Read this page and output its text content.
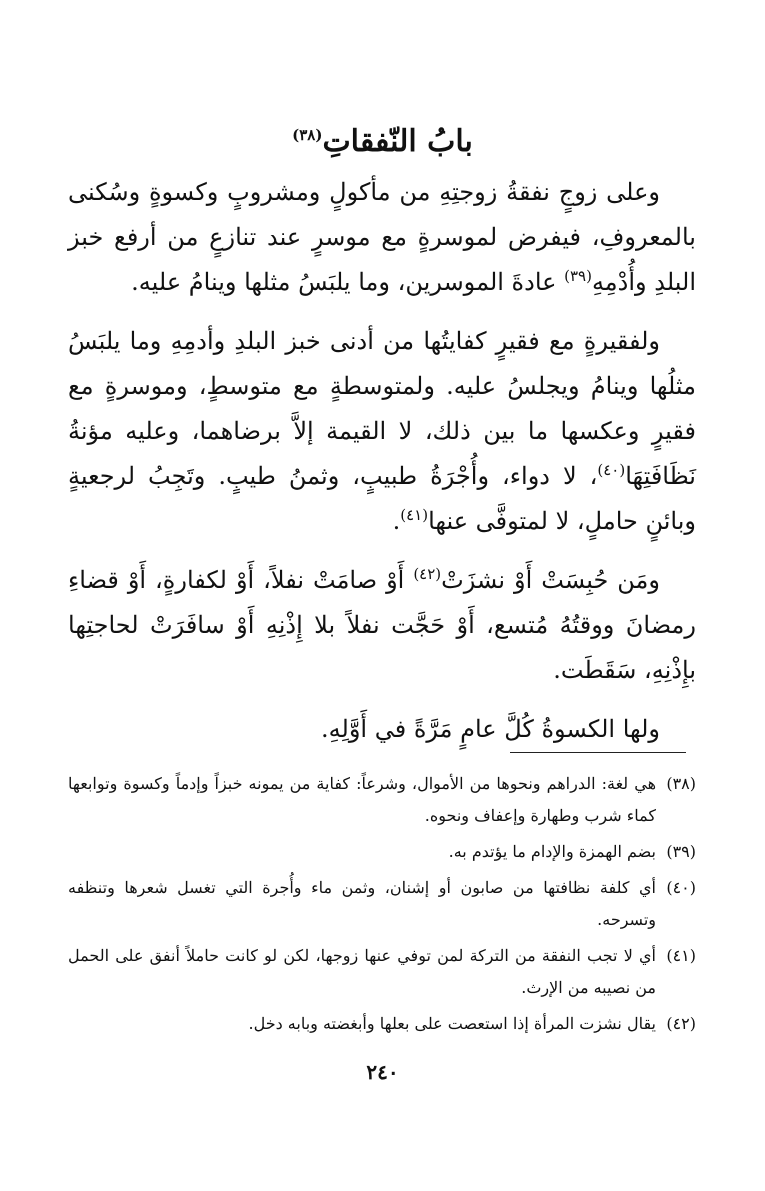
بابُ النّفقاتِ$^{(٣٨)}$

وعلى زوجٍ نفقةُ زوجتِهِ من مأكولٍ ومشروبٍ وكسوةٍ وسُكنى بالمعروفِ، فيفرض لموسرةٍ مع موسرٍ عند تنازعٍ من أرفع خبز البلدِ وأُدْمِهِ$^{(٣٩)}$ عادةَ الموسرين، وما يلبَسُ مثلها وينامُ عليه.

ولفقيرةٍ مع فقيرٍ كفايتُها من أدنى خبز البلدِ وأدمِهِ وما يلبَسُ مثلُها وينامُ ويجلسُ عليه. ولمتوسطةٍ مع متوسطٍ، وموسرةٍ مع فقيرٍ وعكسها ما بين ذلك، لا القيمة إلاَّ برضاهما، وعليه مؤنةُ نَظَافَتِهَا$^{(٤٠)}$، لا دواء، وأُجْرَةُ طبيبٍ، وثمنُ طيبٍ. وتَجِبُ لرجعيةٍ وبائنٍ حاملٍ، لا لمتوفَّى عنها$^{(٤١)}$.

ومَن حُبِسَتْ أَوْ نشزَتْ$^{(٤٢)}$ أَوْ صامَتْ نفلاً، أَوْ لكفارةٍ، أَوْ قضاءِ رمضانَ ووقتُهُ مُتسع، أَوْ حَجَّت نفلاً بلا إِذْنِهِ أَوْ سافَرَتْ لحاجتِها بإِذْنِهِ، سَقَطَت.

ولها الكسوةُ كُلَّ عامٍ مَرَّةً في أَوَّلِهِ.

(٣٨)
هي لغة: الدراهم ونحوها من الأموال، وشرعاً: كفاية من يمونه خبزاً وإدماً وكسوة وتوابعها كماء شرب وطهارة وإعفاف ونحوه.
(٣٩)
بضم الهمزة والإدام ما يؤتدم به.
(٤٠)
أي كلفة نظافتها من صابون أو إشنان، وثمن ماء وأُجرة التي تغسل شعرها وتنظفه وتسرحه.
(٤١)
أي لا تجب النفقة من التركة لمن توفي عنها زوجها، لكن لو كانت حاملاً أنفق على الحمل من نصيبه من الإرث.
(٤٢)
يقال نشزت المرأة إذا استعصت على بعلها وأبغضته وبابه دخل.
٢٤٠
